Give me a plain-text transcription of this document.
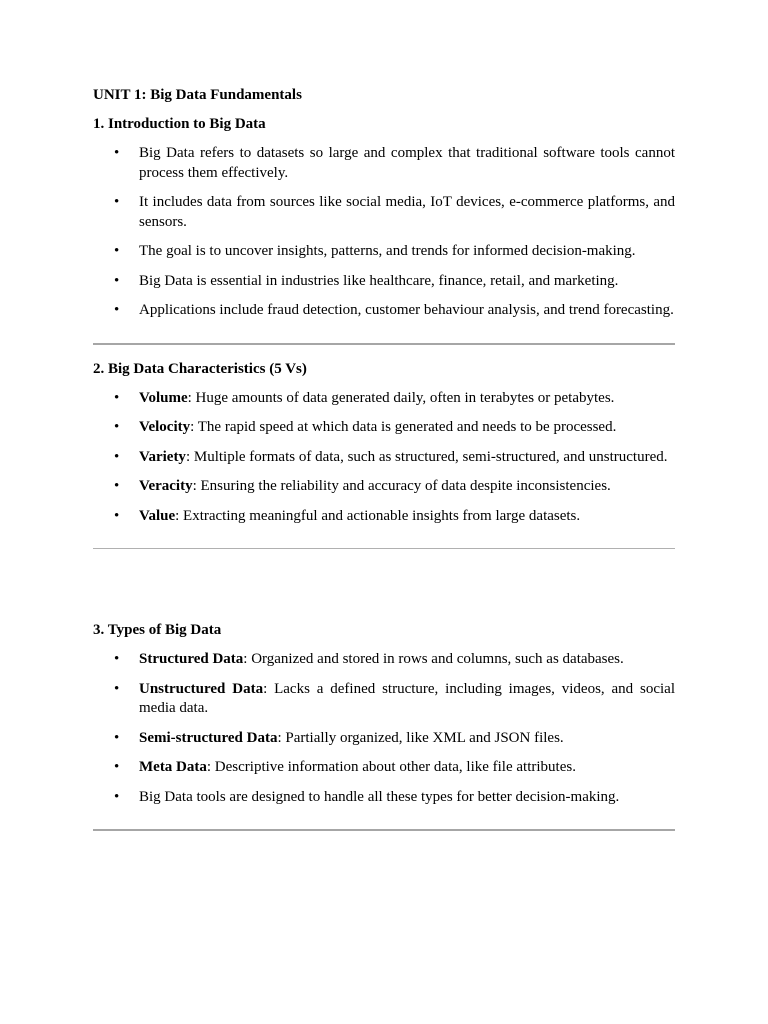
UNIT 1: Big Data Fundamentals
1. Introduction to Big Data
• Big Data refers to datasets so large and complex that traditional software tools cannot process them effectively.
• It includes data from sources like social media, IoT devices, e-commerce platforms, and sensors.
• The goal is to uncover insights, patterns, and trends for informed decision-making.
• Big Data is essential in industries like healthcare, finance, retail, and marketing.
• Applications include fraud detection, customer behaviour analysis, and trend forecasting.
2. Big Data Characteristics (5 Vs)
• Volume: Huge amounts of data generated daily, often in terabytes or petabytes.
• Velocity: The rapid speed at which data is generated and needs to be processed.
• Variety: Multiple formats of data, such as structured, semi-structured, and unstructured.
• Veracity: Ensuring the reliability and accuracy of data despite inconsistencies.
• Value: Extracting meaningful and actionable insights from large datasets.
3. Types of Big Data
• Structured Data: Organized and stored in rows and columns, such as databases.
• Unstructured Data: Lacks a defined structure, including images, videos, and social media data.
• Semi-structured Data: Partially organized, like XML and JSON files.
• Meta Data: Descriptive information about other data, like file attributes.
• Big Data tools are designed to handle all these types for better decision-making.
